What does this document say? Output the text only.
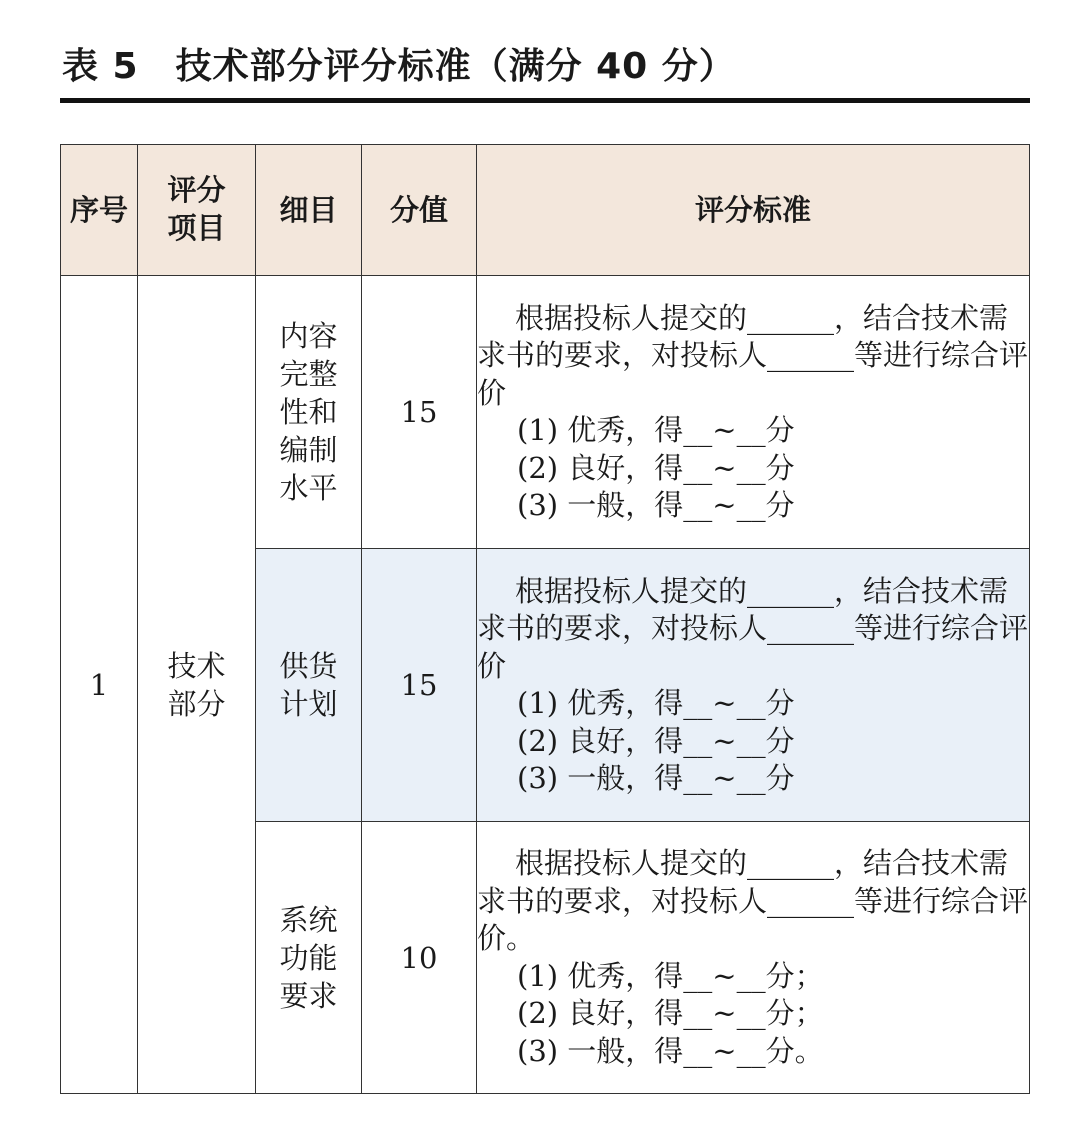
表 5　技术部分评分标准（满分 40 分）
序号	评分项目	细目	分值	评分标准
1	技术部分	内容完整性和编制水平	15	根据投标人提交的______，结合技术需求书的要求，对投标人______等进行综合评价
(1) 优秀，得__~__分
(2) 良好，得__~__分
(3) 一般，得__~__分

		供货计划	15	根据投标人提交的______，结合技术需求书的要求，对投标人______等进行综合评价
(1) 优秀，得__~__分
(2) 良好，得__~__分
(3) 一般，得__~__分

		系统功能要求	10	根据投标人提交的______，结合技术需求书的要求，对投标人______等进行综合评价。
(1) 优秀，得__~__分；
(2) 良好，得__~__分；
(3) 一般，得__~__分。
